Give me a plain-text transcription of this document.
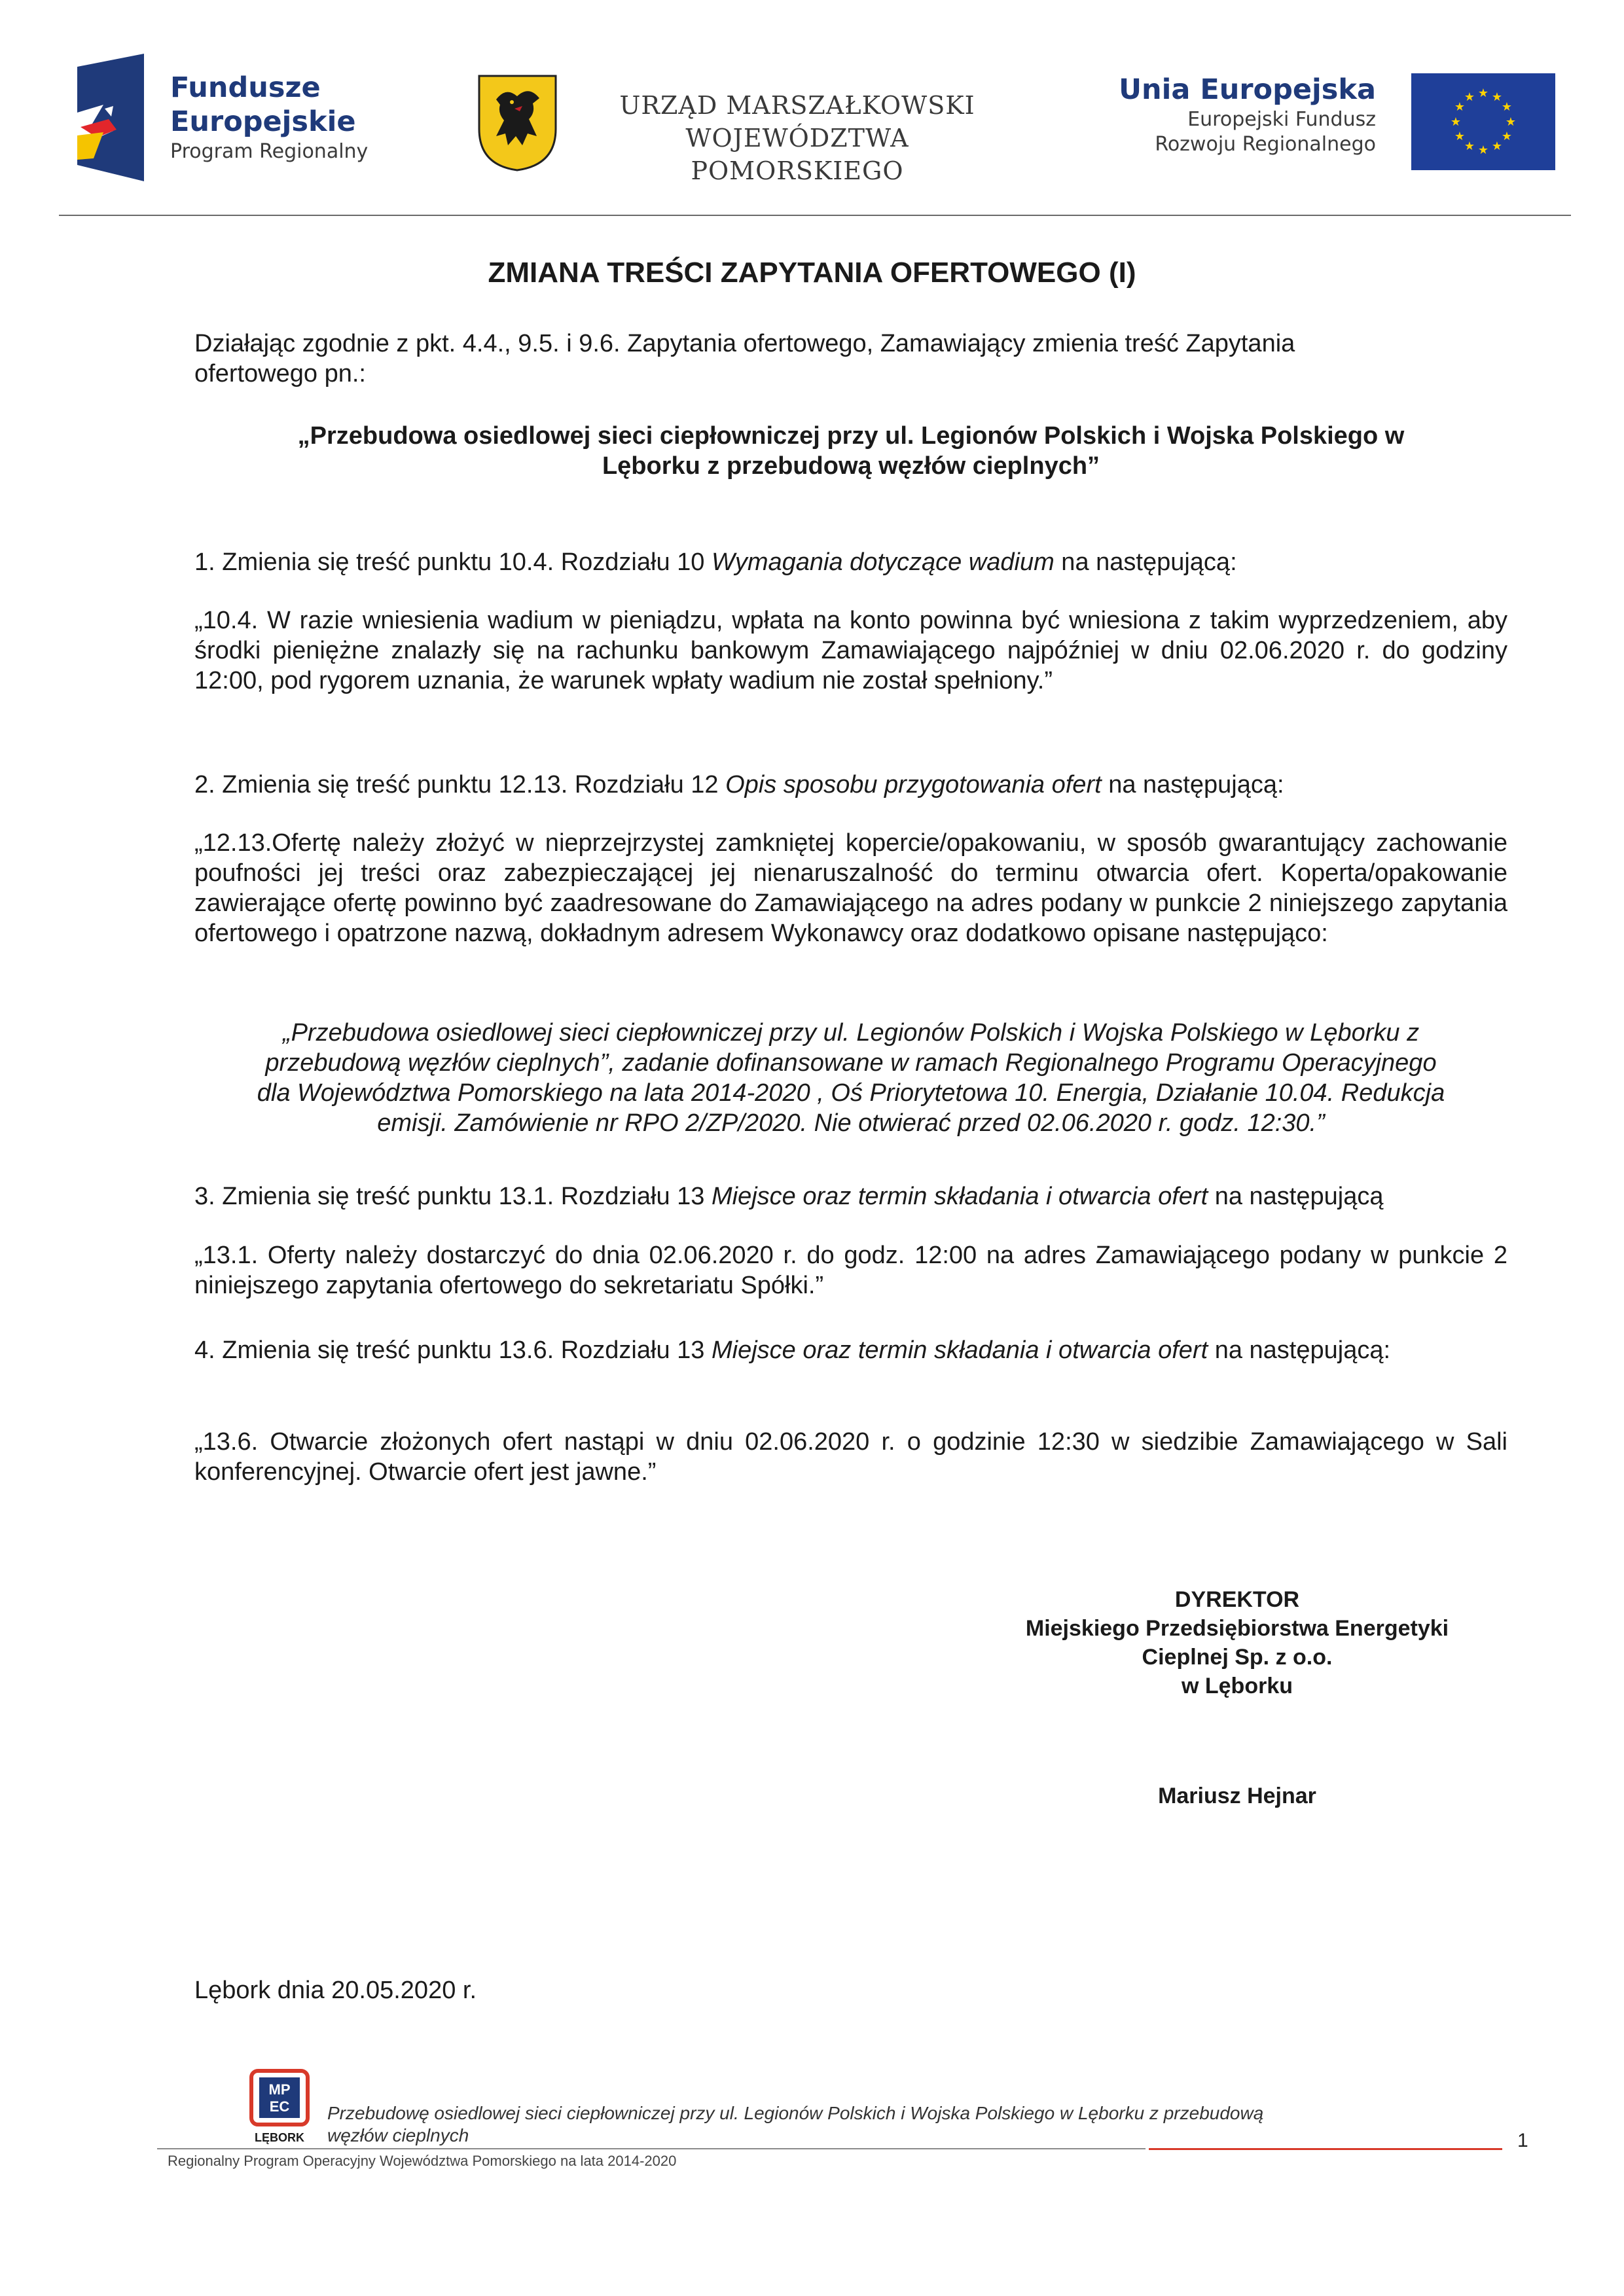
Fundusze
Europejskie
Program Regionalny
URZĄD MARSZAŁKOWSKI
WOJEWÓDZTWA POMORSKIEGO
Unia Europejska
Europejski Fundusz
Rozwoju Regionalnego
★ ★
★
★
★
★
★
★
★
★
★
★
ZMIANA TREŚCI ZAPYTANIA OFERTOWEGO (I)
Działając zgodnie z pkt. 4.4., 9.5. i 9.6. Zapytania ofertowego, Zamawiający zmienia treść Zapytania
ofertowego pn.:
„Przebudowa osiedlowej sieci ciepłowniczej przy ul. Legionów Polskich i Wojska Polskiego w
Lęborku z przebudową węzłów cieplnych”
1. Zmienia się treść punktu 10.4. Rozdziału 10 Wymagania dotyczące wadium na następującą:
„10.4. W razie wniesienia wadium w pieniądzu, wpłata na konto powinna być wniesiona z takim wyprzedzeniem, aby środki pieniężne znalazły się na rachunku bankowym Zamawiającego najpóźniej w dniu 02.06.2020 r. do godziny 12:00, pod rygorem uznania, że warunek wpłaty wadium nie został spełniony.”
2. Zmienia się treść punktu 12.13. Rozdziału 12 Opis sposobu przygotowania ofert na następującą:
„12.13.Ofertę należy złożyć w nieprzejrzystej zamkniętej kopercie/opakowaniu, w sposób gwarantujący zachowanie poufności jej treści oraz zabezpieczającej jej nienaruszalność do terminu otwarcia ofert. Koperta/opakowanie zawierające ofertę powinno być zaadresowane do Zamawiającego na adres podany w punkcie 2 niniejszego zapytania ofertowego i opatrzone nazwą, dokładnym adresem Wykonawcy oraz dodatkowo opisane następująco:
„Przebudowa osiedlowej sieci ciepłowniczej przy ul. Legionów Polskich i Wojska Polskiego w Lęborku z
przebudową węzłów cieplnych”, zadanie dofinansowane w ramach Regionalnego Programu Operacyjnego
dla Województwa Pomorskiego na lata 2014-2020 , Oś Priorytetowa 10. Energia, Działanie 10.04. Redukcja
emisji. Zamówienie nr RPO 2/ZP/2020. Nie otwierać przed 02.06.2020 r. godz. 12:30.”
3. Zmienia się treść punktu 13.1. Rozdziału 13 Miejsce oraz termin składania i otwarcia ofert na następującą
„13.1. Oferty należy dostarczyć do dnia 02.06.2020 r. do godz. 12:00 na adres Zamawiającego podany w punkcie 2 niniejszego zapytania ofertowego do sekretariatu Spółki.”
4. Zmienia się treść punktu 13.6. Rozdziału 13 Miejsce oraz termin składania i otwarcia ofert na następującą:
„13.6. Otwarcie złożonych ofert nastąpi w dniu 02.06.2020 r. o godzinie 12:30 w siedzibie Zamawiającego w Sali konferencyjnej. Otwarcie ofert jest jawne.”
DYREKTOR
Miejskiego Przedsiębiorstwa Energetyki
Cieplnej Sp. z o.o.
w Lęborku
Mariusz Hejnar
Lębork dnia 20.05.2020 r.
MP
EC
LĘBORK
Przebudowę osiedlowej sieci ciepłowniczej przy ul. Legionów Polskich i Wojska Polskiego w Lęborku z przebudową
węzłów cieplnych
Regionalny Program Operacyjny Województwa Pomorskiego na lata 2014-2020
1
